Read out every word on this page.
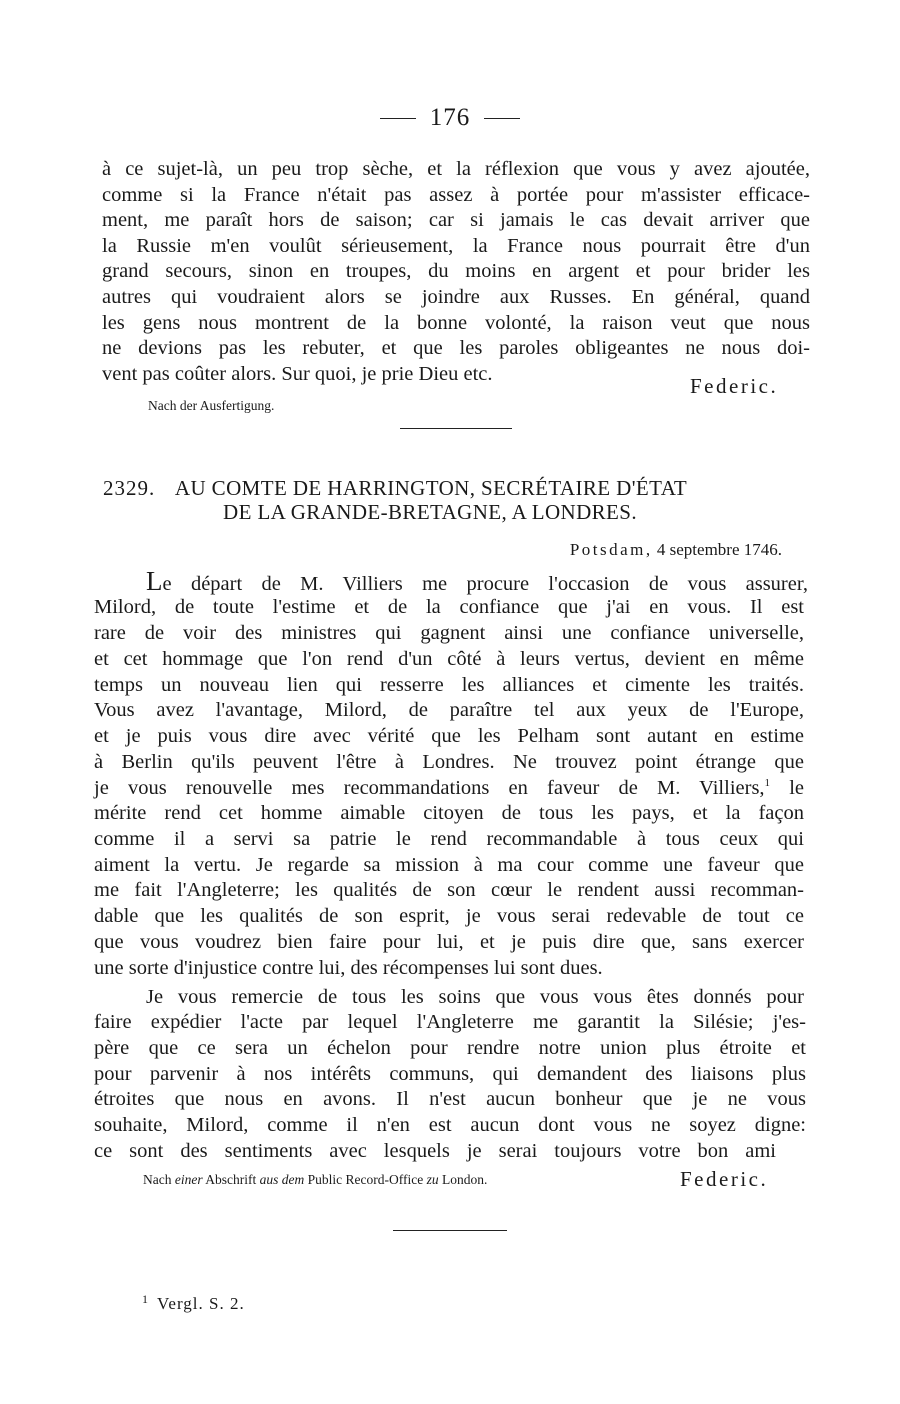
176
à ce sujet-là, un peu trop sèche, et la réflexion que vous y avez ajoutée,
comme si la France n'était pas assez à portée pour m'assister efficace-
ment, me paraît hors de saison; car si jamais le cas devait arriver que
la Russie m'en voulût sérieusement, la France nous pourrait être d'un
grand secours, sinon en troupes, du moins en argent et pour brider les
autres qui voudraient alors se joindre aux Russes. En général, quand
les gens nous montrent de la bonne volonté, la raison veut que nous
ne devions pas les rebuter, et que les paroles obligeantes ne nous doi-
vent pas coûter alors. Sur quoi, je prie Dieu etc.	Federic.
Nach der Ausfertigung.
2329. AU COMTE DE HARRINGTON, SECRÉTAIRE D'ÉTAT
DE LA GRANDE-BRETAGNE, A LONDRES.
Potsdam, 4 septembre 1746.
Le départ de M. Villiers me procure l'occasion de vous assurer,
Milord, de toute l'estime et de la confiance que j'ai en vous. Il est
rare de voir des ministres qui gagnent ainsi une confiance universelle,
et cet hommage que l'on rend d'un côté à leurs vertus, devient en même
temps un nouveau lien qui resserre les alliances et cimente les traités.
Vous avez l'avantage, Milord, de paraître tel aux yeux de l'Europe,
et je puis vous dire avec vérité que les Pelham sont autant en estime
à Berlin qu'ils peuvent l'être à Londres. Ne trouvez point étrange que
je vous renouvelle mes recommandations en faveur de M. Villiers,$^1$ le
mérite rend cet homme aimable citoyen de tous les pays, et la façon
comme il a servi sa patrie le rend recommandable à tous ceux qui
aiment la vertu. Je regarde sa mission à ma cour comme une faveur que
me fait l'Angleterre; les qualités de son cœur le rendent aussi recomman-
dable que les qualités de son esprit, je vous serai redevable de tout ce
que vous voudrez bien faire pour lui, et je puis dire que, sans exercer
une sorte d'injustice contre lui, des récompenses lui sont dues.
Je vous remercie de tous les soins que vous vous êtes donnés pour
faire expédier l'acte par lequel l'Angleterre me garantit la Silésie; j'es-
père que ce sera un échelon pour rendre notre union plus étroite et
pour parvenir à nos intérêts communs, qui demandent des liaisons plus
étroites que nous en avons. Il n'est aucun bonheur que je ne vous
souhaite, Milord, comme il n'en est aucun dont vous ne soyez digne:
ce sont des sentiments avec lesquels je serai toujours votre bon ami
Nach einer Abschrift aus dem Public Record-Office zu London.	Federic.
$^1$ Vergl. S. 2.
